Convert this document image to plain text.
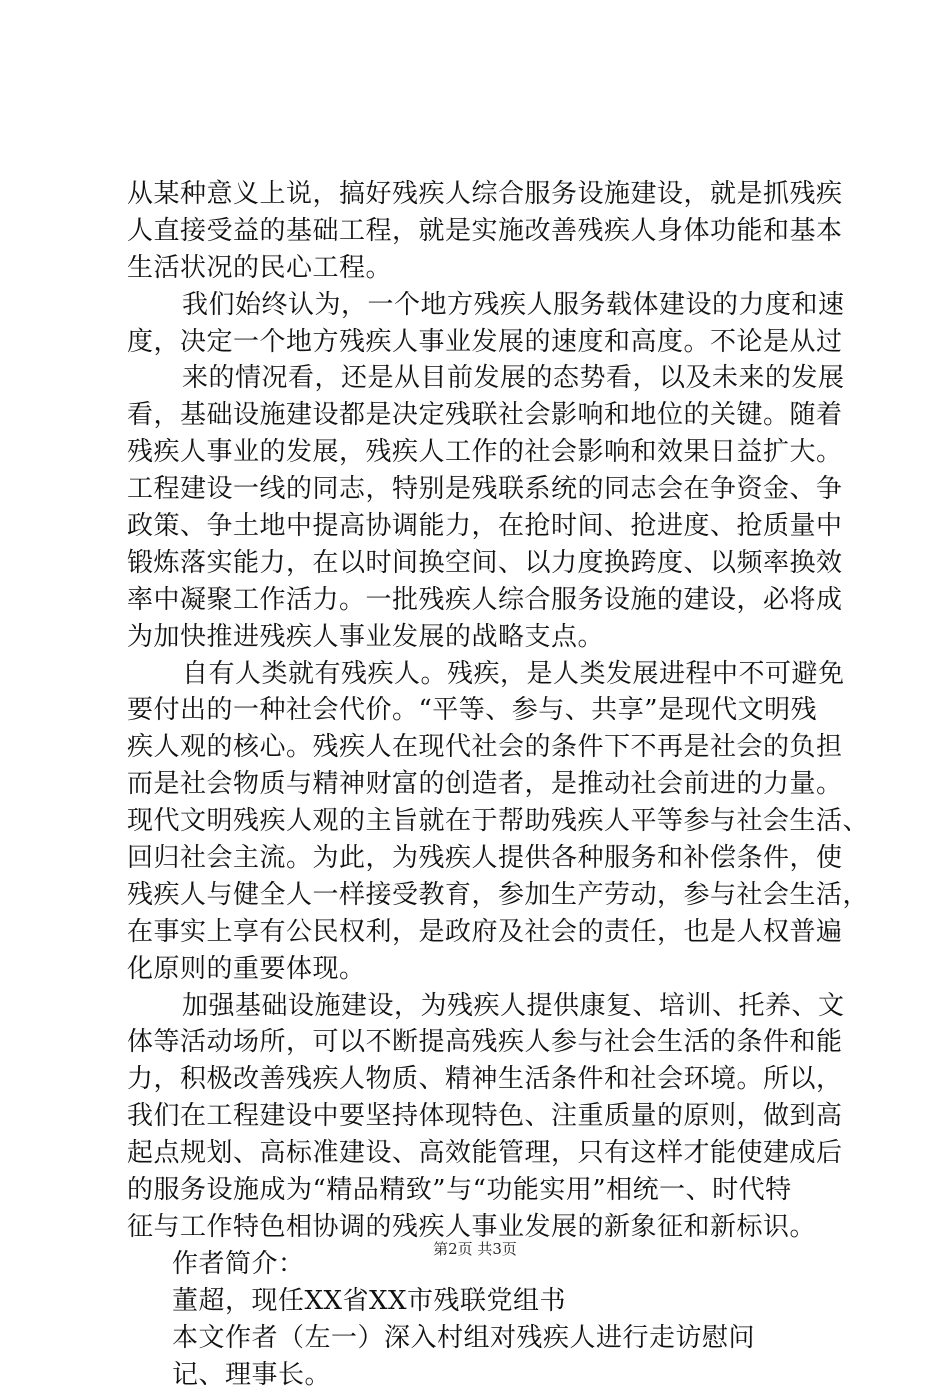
从某种意义上说，搞好残疾人综合服务设施建设，就是抓残疾
人直接受益的基础工程，就是实施改善残疾人身体功能和基本
生活状况的民心工程。
我们始终认为，一个地方残疾人服务载体建设的力度和速
度，决定一个地方残疾人事业发展的速度和高度。不论是从过
来的情况看，还是从目前发展的态势看，以及未来的发展
看，基础设施建设都是决定残联社会影响和地位的关键。随着
残疾人事业的发展，残疾人工作的社会影响和效果日益扩大。
工程建设一线的同志，特别是残联系统的同志会在争资金、争
政策、争土地中提高协调能力，在抢时间、抢进度、抢质量中
锻炼落实能力，在以时间换空间、以力度换跨度、以频率换效
率中凝聚工作活力。一批残疾人综合服务设施的建设，必将成
为加快推进残疾人事业发展的战略支点。
自有人类就有残疾人。残疾，是人类发展进程中不可避免
要付出的一种社会代价。“平等、参与、共享”是现代文明残
疾人观的核心。残疾人在现代社会的条件下不再是社会的负担
而是社会物质与精神财富的创造者，是推动社会前进的力量。
现代文明残疾人观的主旨就在于帮助残疾人平等参与社会生活、
回归社会主流。为此，为残疾人提供各种服务和补偿条件，使
残疾人与健全人一样接受教育，参加生产劳动，参与社会生活，
在事实上享有公民权利，是政府及社会的责任，也是人权普遍
化原则的重要体现。
加强基础设施建设，为残疾人提供康复、培训、托养、文
体等活动场所，可以不断提高残疾人参与社会生活的条件和能
力，积极改善残疾人物质、精神生活条件和社会环境。所以，
我们在工程建设中要坚持体现特色、注重质量的原则，做到高
起点规划、高标准建设、高效能管理，只有这样才能使建成后
的服务设施成为“精品精致”与“功能实用”相统一、时代特
征与工作特色相协调的残疾人事业发展的新象征和新标识。
作者简介：
董超，现任XX省XX市残联党组书
本文作者（左一）深入村组对残疾人进行走访慰问
记、理事长。
第2页 共3页
